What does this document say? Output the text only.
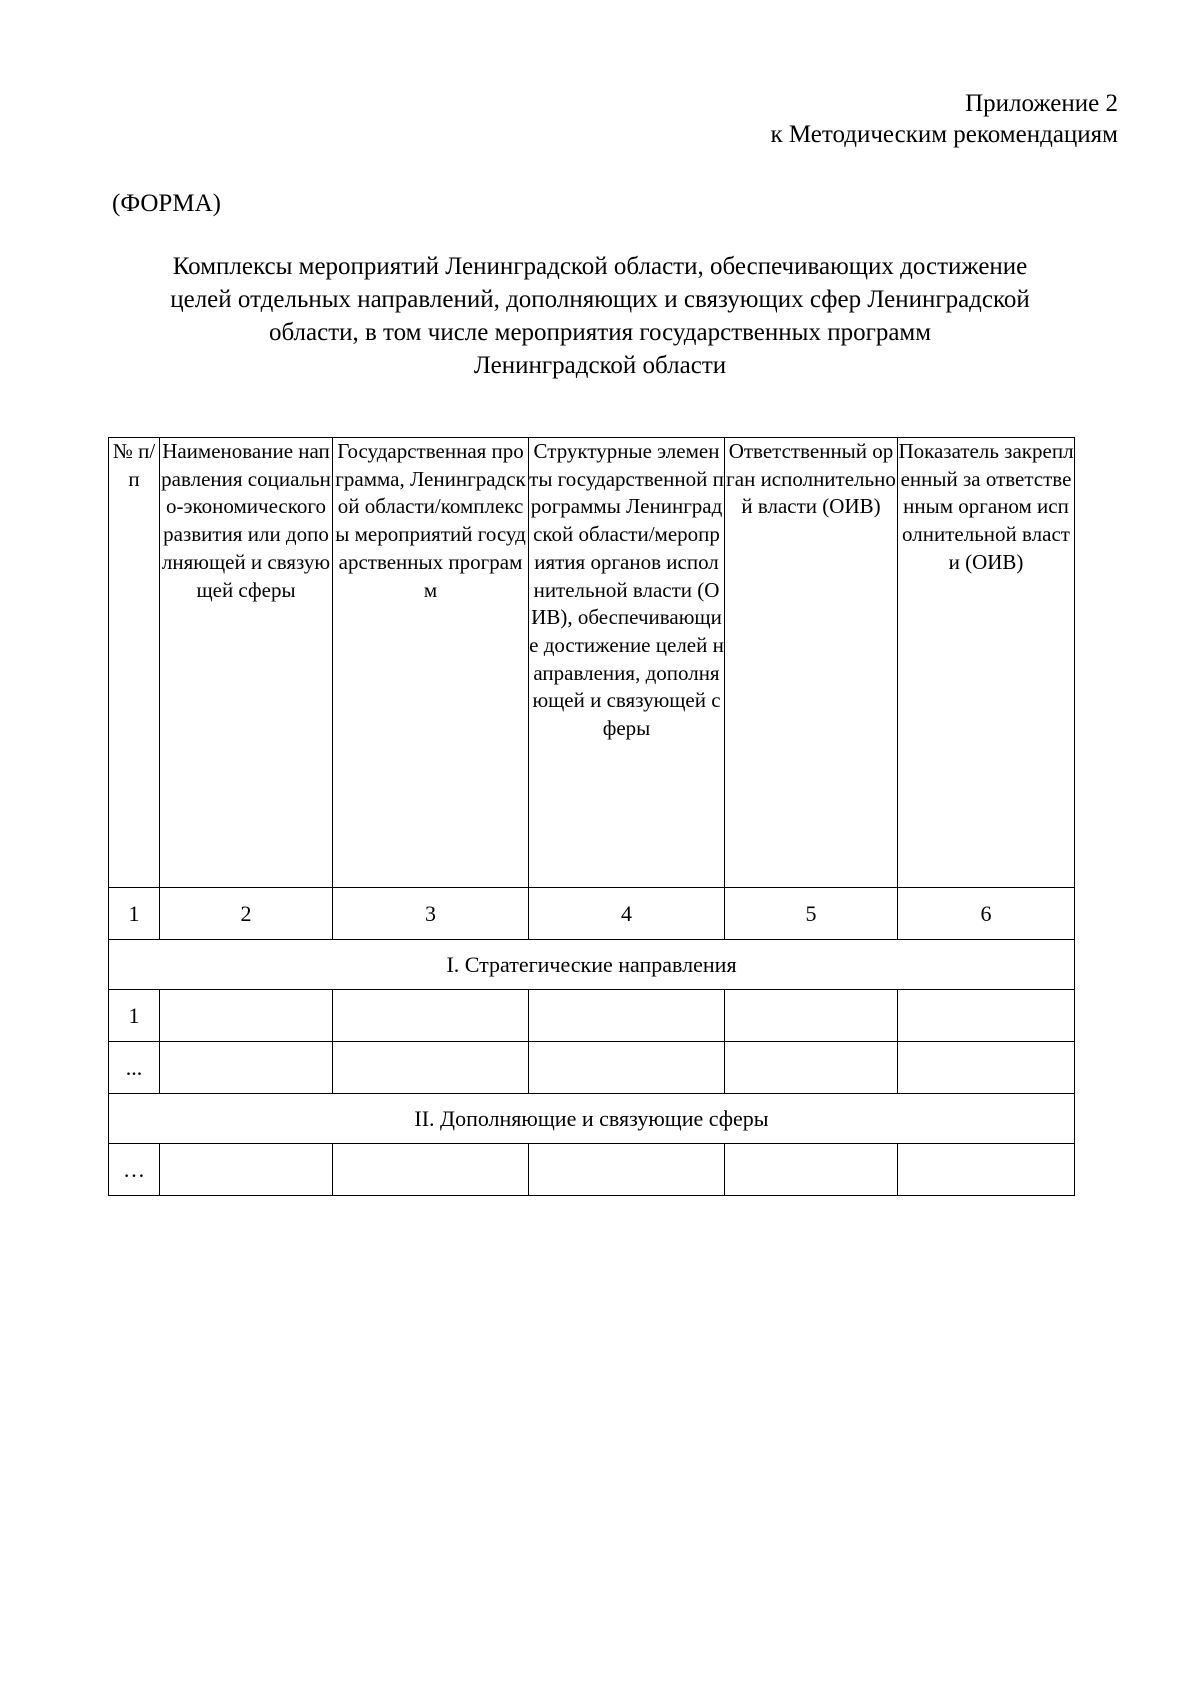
Приложение 2
к Методическим рекомендациям
(ФОРМА)
Комплексы мероприятий Ленинградской области, обеспечивающих достижение
целей отдельных направлений, дополняющих и связующих сфер Ленинградской
области, в том числе мероприятия государственных программ
Ленинградской области
№ п/п	Наименование направления социально-экономического развития или дополняющей и связующей сферы	Государственная программа, Ленинградской области/комплексы мероприятий государственных программ	Структурные элементы государственной программы Ленинградской области/мероприятия органов исполнительной власти (ОИВ), обеспечивающие достижение целей направления, дополняющей и связующей сферы	Ответственный орган исполнительной власти (ОИВ)	Показатель закрепленный за ответственным органом исполнительной власти (ОИВ)
1	2	3	4	5	6
I. Стратегические направления					
1					
...					
II. Дополняющие и связующие сферы					
…					
